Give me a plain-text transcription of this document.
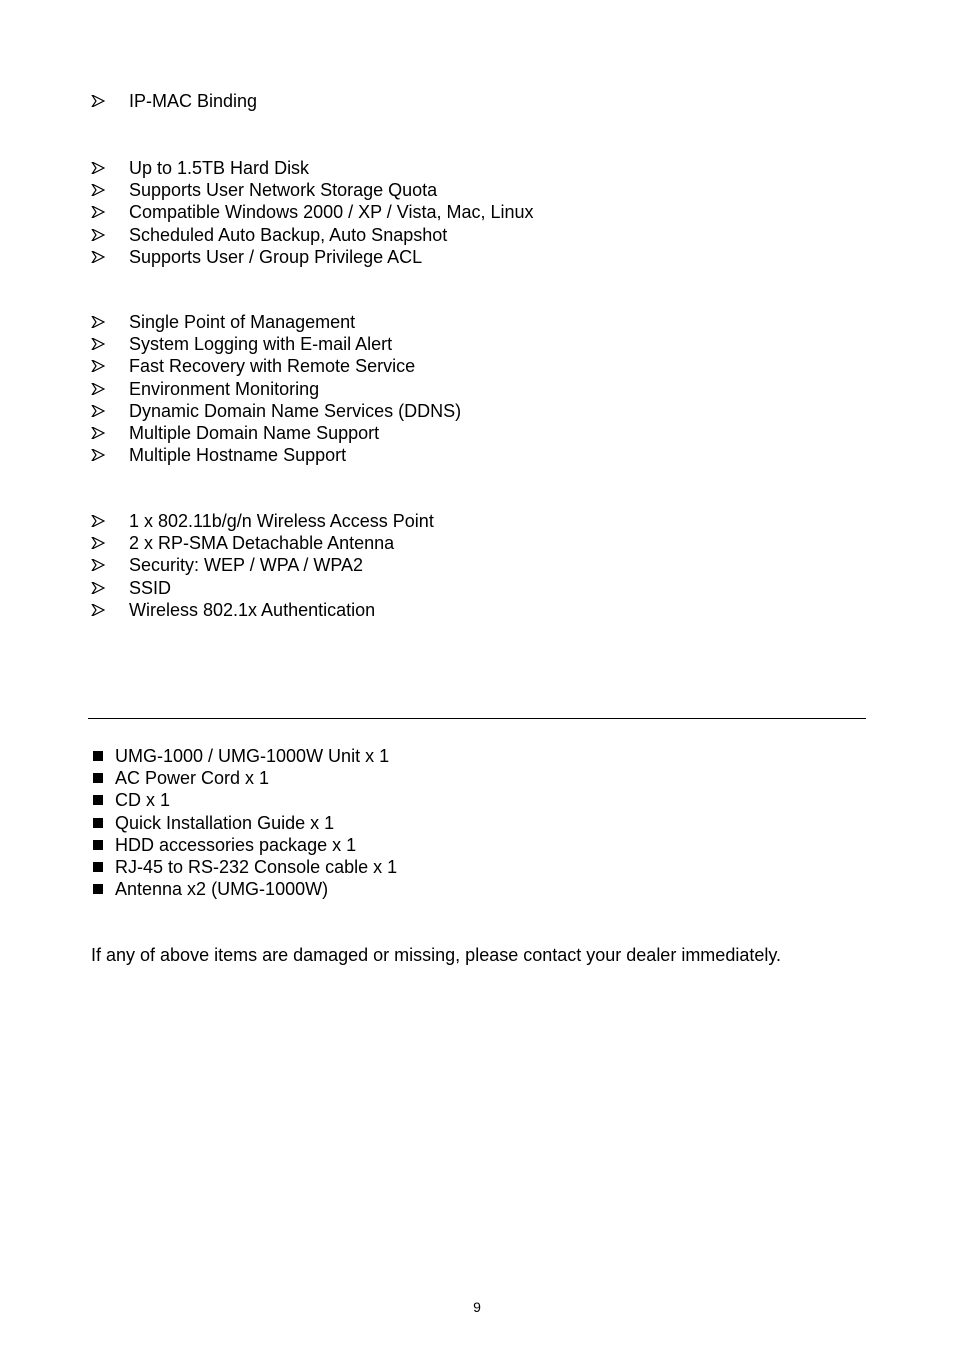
IP-MAC Binding
Up to 1.5TB Hard Disk
Supports User Network Storage Quota
Compatible Windows 2000 / XP / Vista, Mac, Linux
Scheduled Auto Backup, Auto Snapshot
Supports User / Group Privilege ACL
Single Point of Management
System Logging with E-mail Alert
Fast Recovery with Remote Service
Environment Monitoring
Dynamic Domain Name Services (DDNS)
Multiple Domain Name Support
Multiple Hostname Support
1 x 802.11b/g/n Wireless Access Point
2 x RP-SMA Detachable Antenna
Security: WEP / WPA / WPA2
SSID
Wireless 802.1x Authentication
UMG-1000 / UMG-1000W Unit x 1
AC Power Cord x 1
CD x 1
Quick Installation Guide x 1
HDD accessories package x 1
RJ-45 to RS-232 Console cable x 1
Antenna x2 (UMG-1000W)

If any of above items are damaged or missing, please contact your dealer immediately.

9
